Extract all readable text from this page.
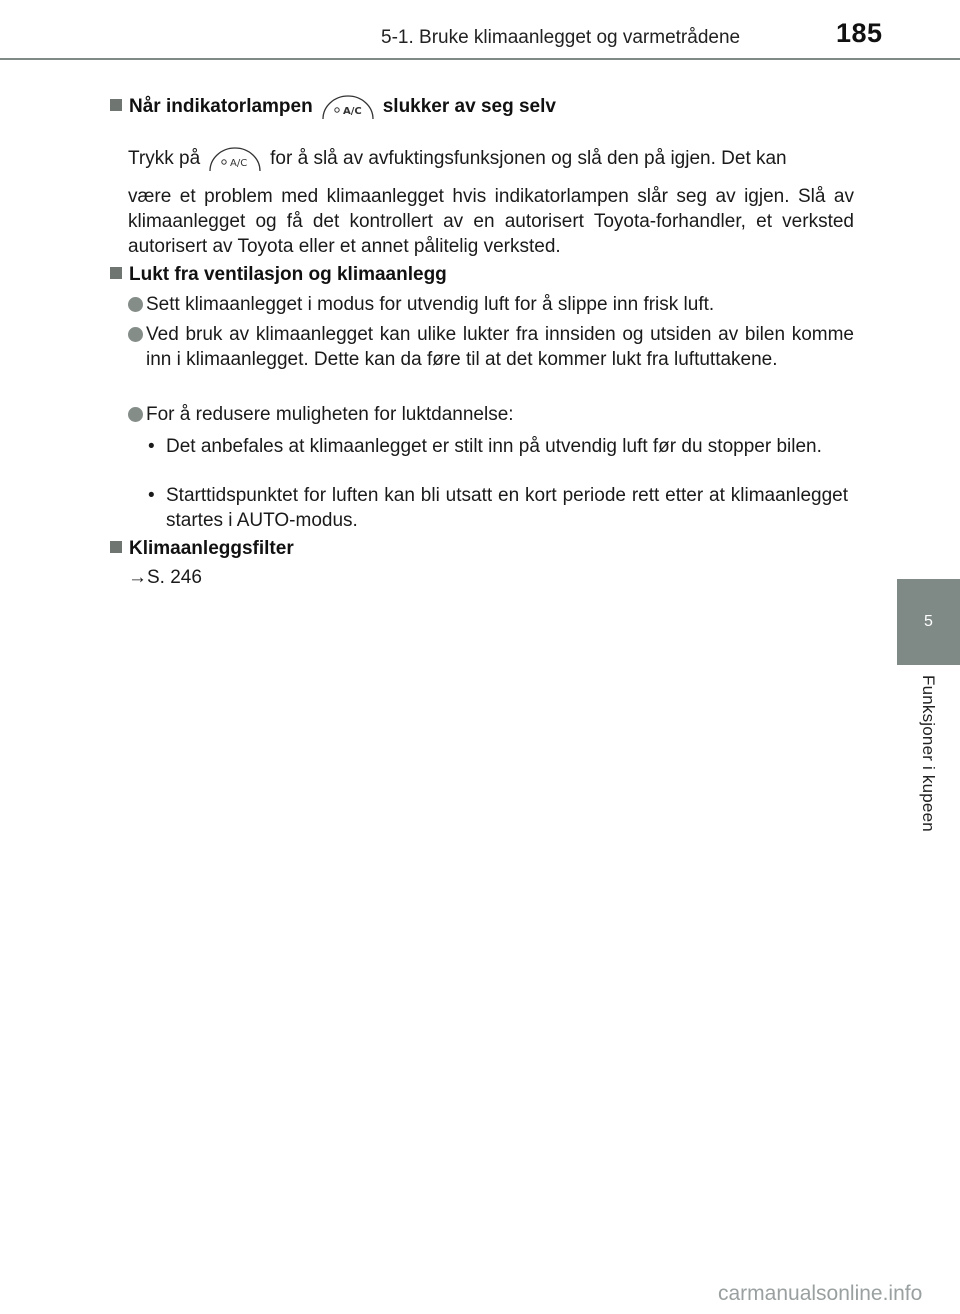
5-1. Bruke klimaanlegget og varmetrådene	185
5
Funksjoner i kupeen
Når indikatorlampen	A/C slukker av seg selv
Trykk på	A/C for å slå av avfuktingsfunksjonen og slå den på igjen. Det kan
være et problem med klimaanlegget hvis indikatorlampen slår seg av igjen. Slå av klimaanlegget og få det kontrollert av en autorisert Toyota-forhandler, et verksted autorisert av Toyota eller et annet pålitelig verksted.
Lukt fra ventilasjon og klimaanlegg
Sett klimaanlegget i modus for utvendig luft for å slippe inn frisk luft.
Ved bruk av klimaanlegget kan ulike lukter fra innsiden og utsiden av bilen komme inn i klimaanlegget. Dette kan da føre til at det kommer lukt fra luftuttakene.
For å redusere muligheten for luktdannelse:
• Det anbefales at klimaanlegget er stilt inn på utvendig luft før du stopper bilen.
• Starttidspunktet for luften kan bli utsatt en kort periode rett etter at klimaanlegget startes i AUTO-modus.
Klimaanleggsfilter
→S. 246
carmanualsonline.info
